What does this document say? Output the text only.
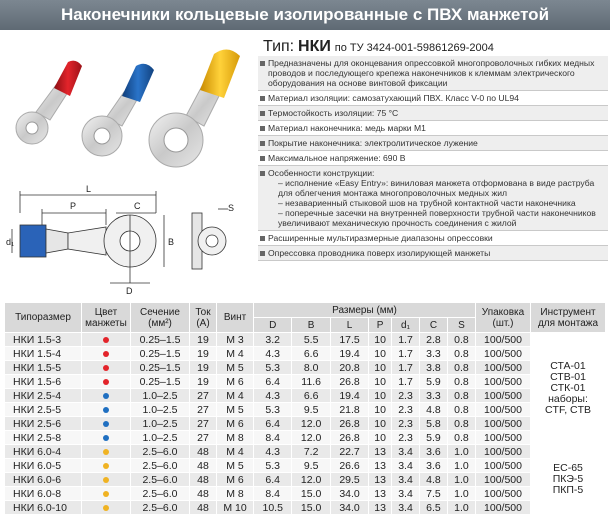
Наконечники кольцевые изолированные с ПВХ манжетой
L
P	C	S
B
D
d₁
Тип: НКИ по ТУ 3424-001-59861269-2004
Предназначены для оконцевания опрессовкой многопроволочных гибких медных проводов и последующего крепежа наконечников к клеммам электрического оборудования на основе винтовой фиксации
Материал изоляции: самозатухающий ПВХ. Класс V-0 по UL94
Термостойкость изоляции: 75 °C
Материал наконечника: медь марки М1
Покрытие наконечника: электролитическое лужение
Максимальное напряжение: 690 В
Особенности конструкции:
– исполнение «Easy Entry»: виниловая манжета отформована в виде раструба для облегчения монтажа многопроволочных медных жил
– незавариенный стыковой шов на трубной контактной части наконечника
– поперечные засечки на внутренней поверхности трубной части наконечников увеличивают механическую прочность соединения с жилой
Расширенные мультиразмерные диапазоны опрессовки
Опрессовка проводника поверх изолирующей манжеты
Типоразмер	Цвет манжеты	Сечение (мм²)	Ток (А)	Винт	Размеры (мм)							Упаковка (шт.)	Инструмент для монтажа
					D	B	L	P	d₁	C	S		
НКИ 1.5-3		0.25–1.5	19	М 3	3.2	5.5	17.5	10	1.7	2.8	0.8	100/500	СТА-01
СТВ-01
СТК-01
наборы:
CTF, CTB

НКИ 1.5-4		0.25–1.5	19	М 4	4.3	6.6	19.4	10	1.7	3.3	0.8	100/500	
НКИ 1.5-5		0.25–1.5	19	М 5	5.3	8.0	20.8	10	1.7	3.8	0.8	100/500	
НКИ 1.5-6		0.25–1.5	19	М 6	6.4	11.6	26.8	10	1.7	5.9	0.8	100/500	
НКИ 2.5-4		1.0–2.5	27	М 4	4.3	6.6	19.4	10	2.3	3.3	0.8	100/500	
НКИ 2.5-5		1.0–2.5	27	М 5	5.3	9.5	21.8	10	2.3	4.8	0.8	100/500	
НКИ 2.5-6		1.0–2.5	27	М 6	6.4	12.0	26.8	10	2.3	5.8	0.8	100/500	
НКИ 2.5-8		1.0–2.5	27	М 8	8.4	12.0	26.8	10	2.3	5.9	0.8	100/500	
НКИ 6.0-4		2.5–6.0	48	М 4	4.3	7.2	22.7	13	3.4	3.6	1.0	100/500	ЕС-65
ПКЭ-5
ПКП-5

НКИ 6.0-5		2.5–6.0	48	М 5	5.3	9.5	26.6	13	3.4	3.6	1.0	100/500	
НКИ 6.0-6		2.5–6.0	48	М 6	6.4	12.0	29.5	13	3.4	4.8	1.0	100/500	
НКИ 6.0-8		2.5–6.0	48	М 8	8.4	15.0	34.0	13	3.4	7.5	1.0	100/500	
НКИ 6.0-10		2.5–6.0	48	М 10	10.5	15.0	34.0	13	3.4	6.5	1.0	100/500	
